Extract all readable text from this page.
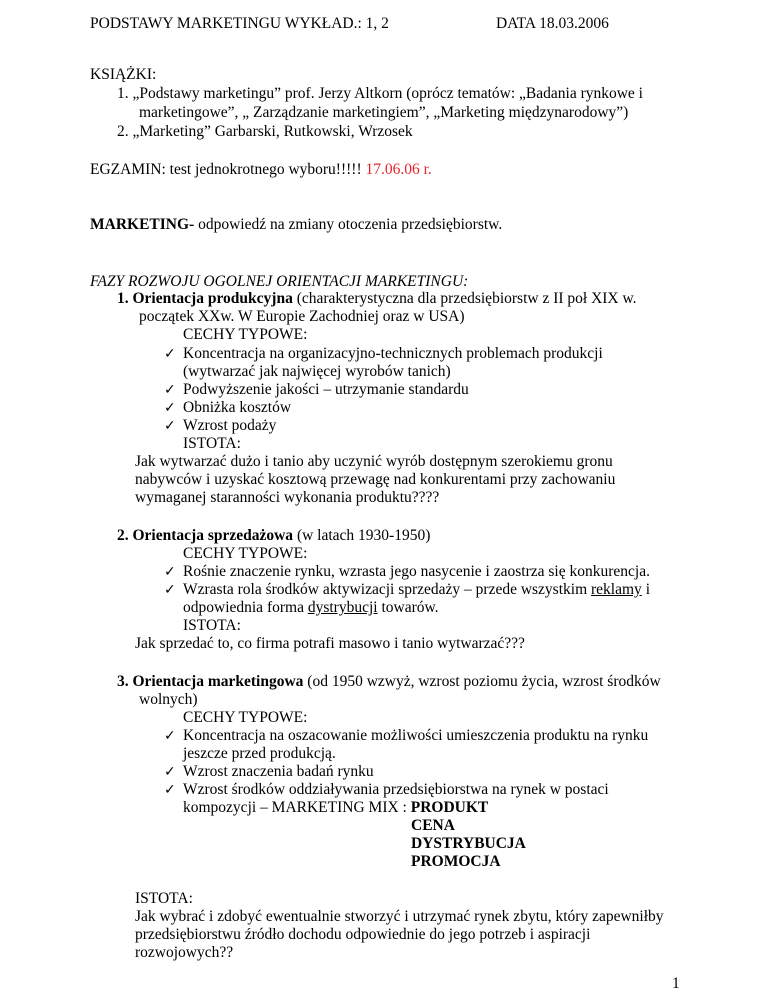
PODSTAWY MARKETINGU WYKŁAD.: 1, 2	DATA 18.03.2006
KSIĄŻKI:
1. „Podstawy marketingu” prof. Jerzy Altkorn (oprócz tematów: „Badania rynkowe i
marketingowe”, „ Zarządzanie marketingiem”, „Marketing międzynarodowy”)
2. „Marketing” Garbarski, Rutkowski, Wrzosek
EGZAMIN: test jednokrotnego wyboru!!!!! 17.06.06 r.
MARKETING- odpowiedź na zmiany otoczenia przedsiębiorstw.
FAZY ROZWOJU OGOLNEJ ORIENTACJI MARKETINGU:
1. Orientacja produkcyjna (charakterystyczna dla przedsiębiorstw z II poł XIX w.
początek XXw. W Europie Zachodniej oraz w USA)
CECHY TYPOWE:
✓ Koncentracja na organizacyjno-technicznych problemach produkcji
(wytwarzać jak najwięcej wyrobów tanich)
✓ Podwyższenie jakości – utrzymanie standardu
✓ Obniżka kosztów
✓ Wzrost podaży
ISTOTA:
Jak wytwarzać dużo i tanio aby uczynić wyrób dostępnym szerokiemu gronu
nabywców i uzyskać kosztową przewagę nad konkurentami przy zachowaniu
wymaganej staranności wykonania produktu????
2. Orientacja sprzedażowa (w latach 1930-1950)
CECHY TYPOWE:
✓ Rośnie znaczenie rynku, wzrasta jego nasycenie i zaostrza się konkurencja.
✓ Wzrasta rola środków aktywizacji sprzedaży – przede wszystkim reklamy i
odpowiednia forma dystrybucji towarów.
ISTOTA:
Jak sprzedać to, co firma potrafi masowo i tanio wytwarzać???
3. Orientacja marketingowa (od 1950 wzwyż, wzrost poziomu życia, wzrost środków
wolnych)
CECHY TYPOWE:
✓ Koncentracja na oszacowanie możliwości umieszczenia produktu na rynku
jeszcze przed produkcją.
✓ Wzrost znaczenia badań rynku
✓ Wzrost środków oddziaływania przedsiębiorstwa na rynek w postaci
kompozycji – MARKETING MIX : PRODUKT
CENA
DYSTRYBUCJA
PROMOCJA
ISTOTA:
Jak wybrać i zdobyć ewentualnie stworzyć i utrzymać rynek zbytu, który zapewniłby
przedsiębiorstwu źródło dochodu odpowiednie do jego potrzeb i aspiracji
rozwojowych??
1
